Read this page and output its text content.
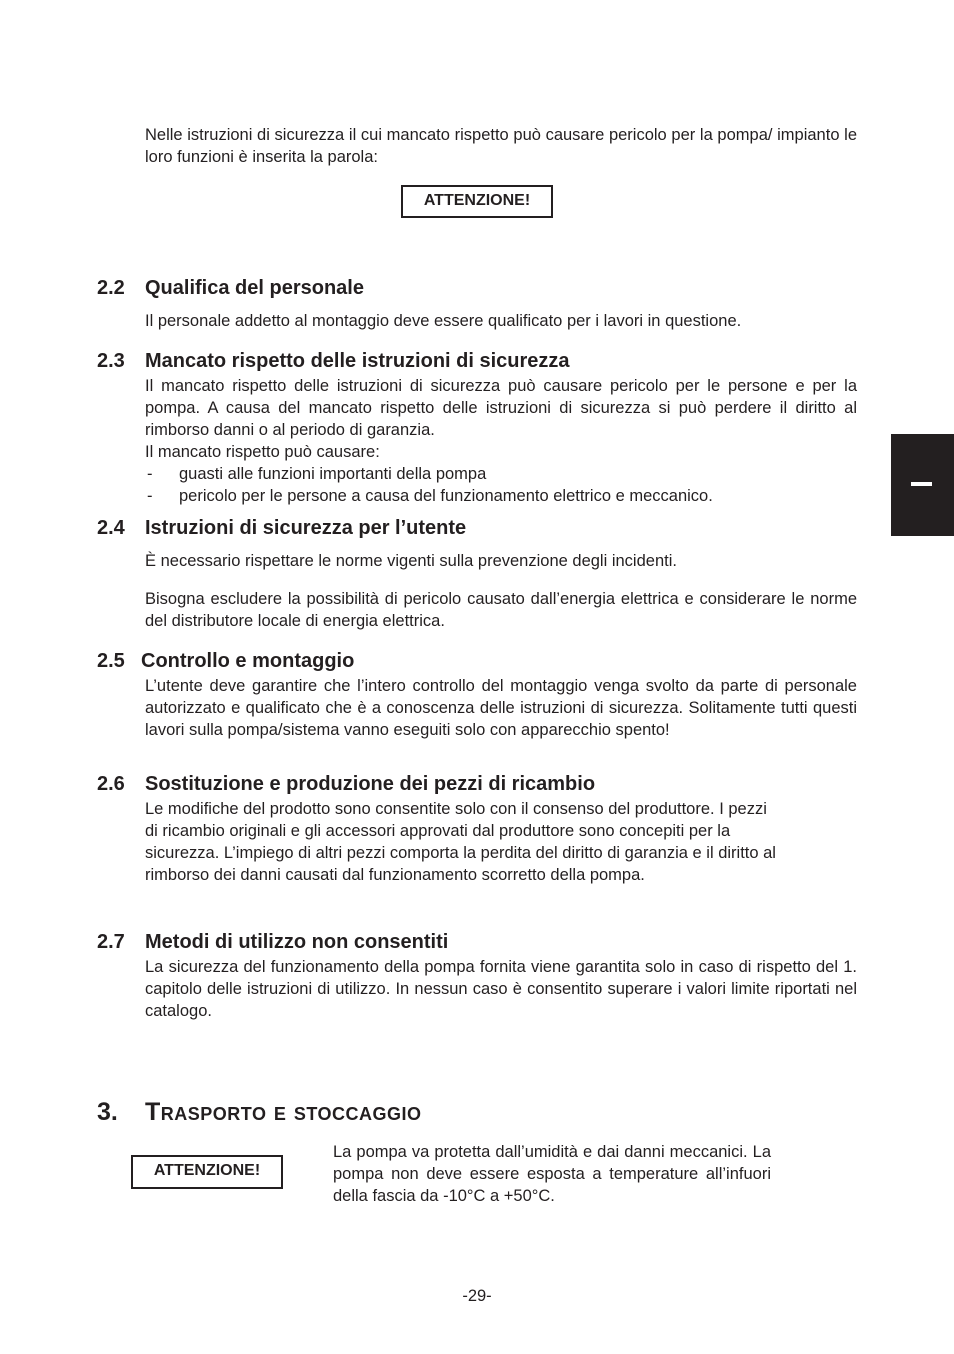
Nelle istruzioni di sicurezza il cui mancato rispetto può causare pericolo per la pompa/ impianto le loro funzioni è inserita la parola:

ATTENZIONE!
2.2 Qualifica del personale

Il personale addetto al montaggio deve essere qualificato per i lavori in questione.

2.3 Mancato rispetto delle istruzioni di sicurezza

Il mancato rispetto delle istruzioni di sicurezza può causare pericolo per le persone e per la pompa. A causa del mancato rispetto delle istruzioni di sicurezza si può perdere il diritto al rimborso danni o al periodo di garanzia.

Il mancato rispetto può causare:

- guasti alle funzioni importanti della pompa
- pericolo per le persone a causa del funzionamento elettrico e meccanico.
2.4 Istruzioni di sicurezza per l’utente

È necessario rispettare le norme vigenti sulla prevenzione degli incidenti.

Bisogna escludere la possibilità di pericolo causato dall’energia elettrica e considerare le norme del distributore locale di energia elettrica.

2.5 Controllo e montaggio

L’utente deve garantire che l’intero controllo del montaggio venga svolto da parte di personale autorizzato e qualificato che è a conoscenza delle istruzioni di sicurezza. Solitamente tutti questi lavori sulla pompa/sistema vanno eseguiti solo con apparecchio spento!

2.6 Sostituzione e produzione dei pezzi di ricambio
Le modifiche del prodotto sono consentite solo con il consenso del produttore. I pezzi
di ricambio originali e gli accessori approvati dal produttore sono concepiti per la
sicurezza. L’impiego di altri pezzi comporta la perdita del diritto di garanzia e il diritto al
rimborso dei danni causati dal funzionamento scorretto della pompa.
2.7 Metodi di utilizzo non consentiti

La sicurezza del funzionamento della pompa fornita viene garantita solo in caso di rispetto del 1. capitolo delle istruzioni di utilizzo. In nessun caso è consentito superare i valori limite riportati nel catalogo.

3. Trasporto e stoccaggio
ATTENZIONE!

La pompa va protetta dall’umidità e dai danni meccanici. La pompa non deve essere esposta a temperature all’infuori della fascia da -10°C a +50°C.

-29-
